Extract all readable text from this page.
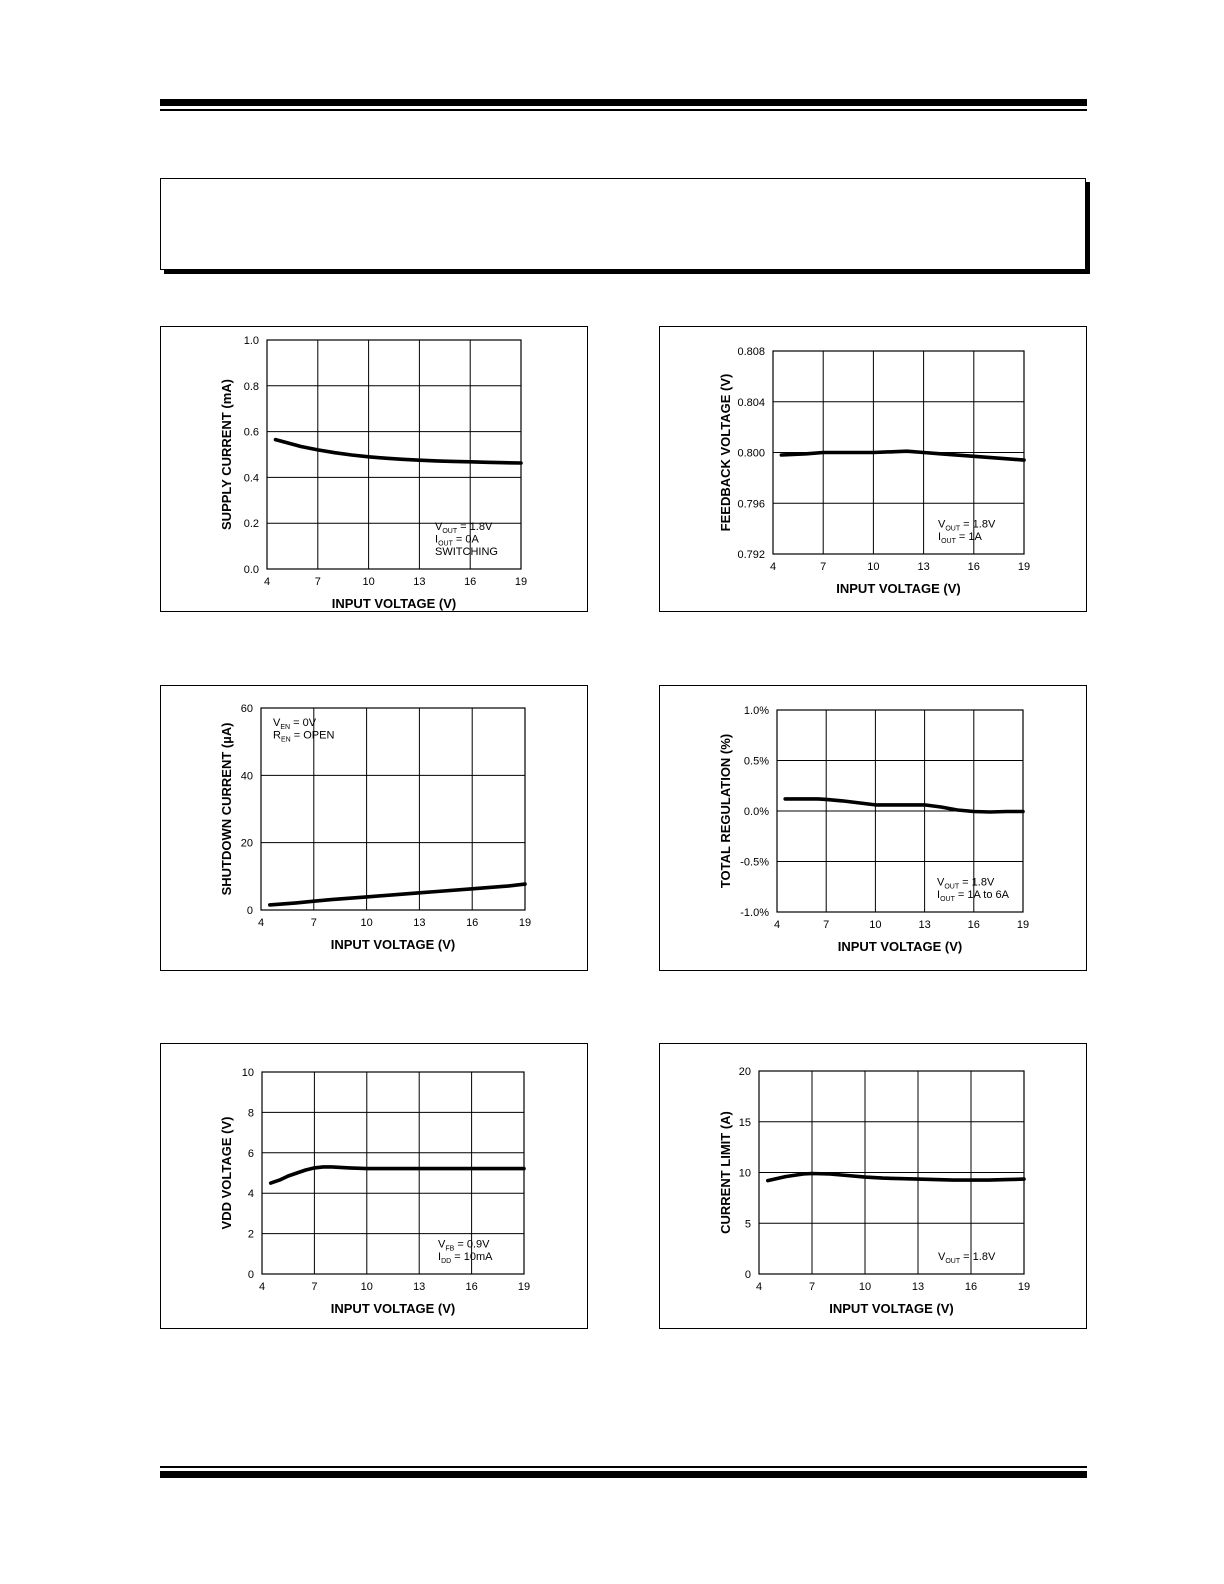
4	7	10	13	16	19
0.0
0.2
0.4
0.6
0.8
1.0
INPUT VOLTAGE (V)
SUPPLY CURRENT (mA)	$V_{OUT} = 1.8V$
$I_{OUT} = 0A$
SWITCHING
4	7	10	13	16	19
0.792
0.796
0.800
0.804
0.808
INPUT VOLTAGE (V)
FEEDBACK VOLTAGE (V)	$V_{OUT} = 1.8V$
$I_{OUT} = 1A$
4	7	10	13	16	19
0
20
40
60
INPUT VOLTAGE (V)
SHUTDOWN CURRENT (µA)	$V_{EN} = 0V$
$R_{EN}$ = OPEN
4	7	10	13	16	19
-1.0%
-0.5%
0.0%
0.5%
1.0%
INPUT VOLTAGE (V)
TOTAL REGULATION (%)	$V_{OUT} = 1.8V$
$I_{OUT} = 1A$ to 6A
4	7	10	13	16	19
0
2
4
6
8
10
INPUT VOLTAGE (V)
VDD VOLTAGE (V)
$V_{FB} = 0.9V$
$I_{DD} = 10mA$
4	7	10	13	16	19
0
5
10
15
20
INPUT VOLTAGE (V)
CURRENT LIMIT (A)
$V_{OUT} = 1.8V$
